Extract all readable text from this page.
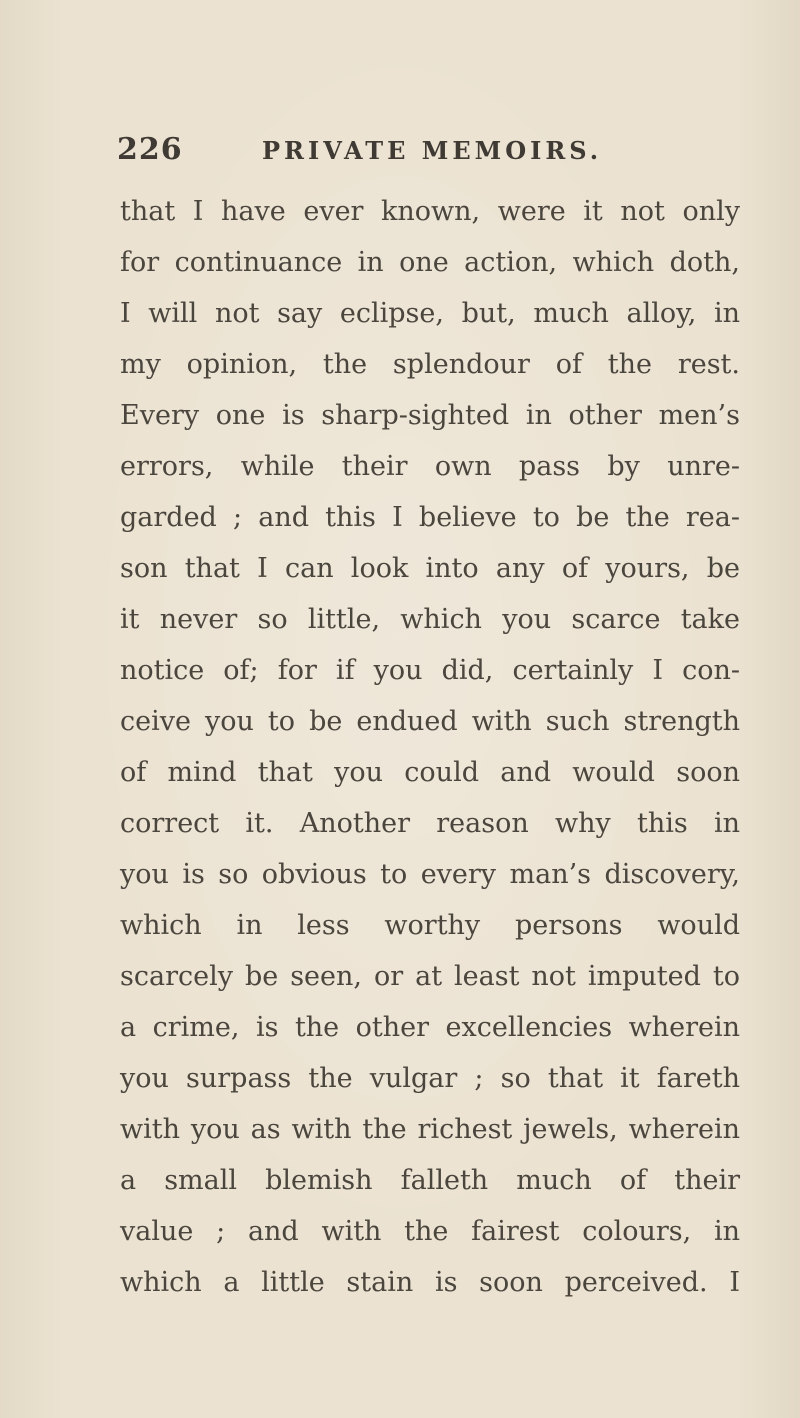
226	PRIVATE MEMOIRS.
that I have ever known, were it not only
for continuance in one action, which doth,
I will not say eclipse, but, much alloy, in
my opinion, the splendour of the rest.
Every one is sharp-sighted in other men’s
errors, while their own pass by unre-
garded ; and this I believe to be the rea-
son that I can look into any of yours, be
it never so little, which you scarce take
notice of; for if you did, certainly I con-
ceive you to be endued with such strength
of mind that you could and would soon
correct it. Another reason why this in
you is so obvious to every man’s discovery,
which in less worthy persons would
scarcely be seen, or at least not imputed to
a crime, is the other excellencies wherein
you surpass the vulgar ; so that it fareth
with you as with the richest jewels, wherein
a small blemish falleth much of their
value ; and with the fairest colours, in
which a little stain is soon perceived. I
